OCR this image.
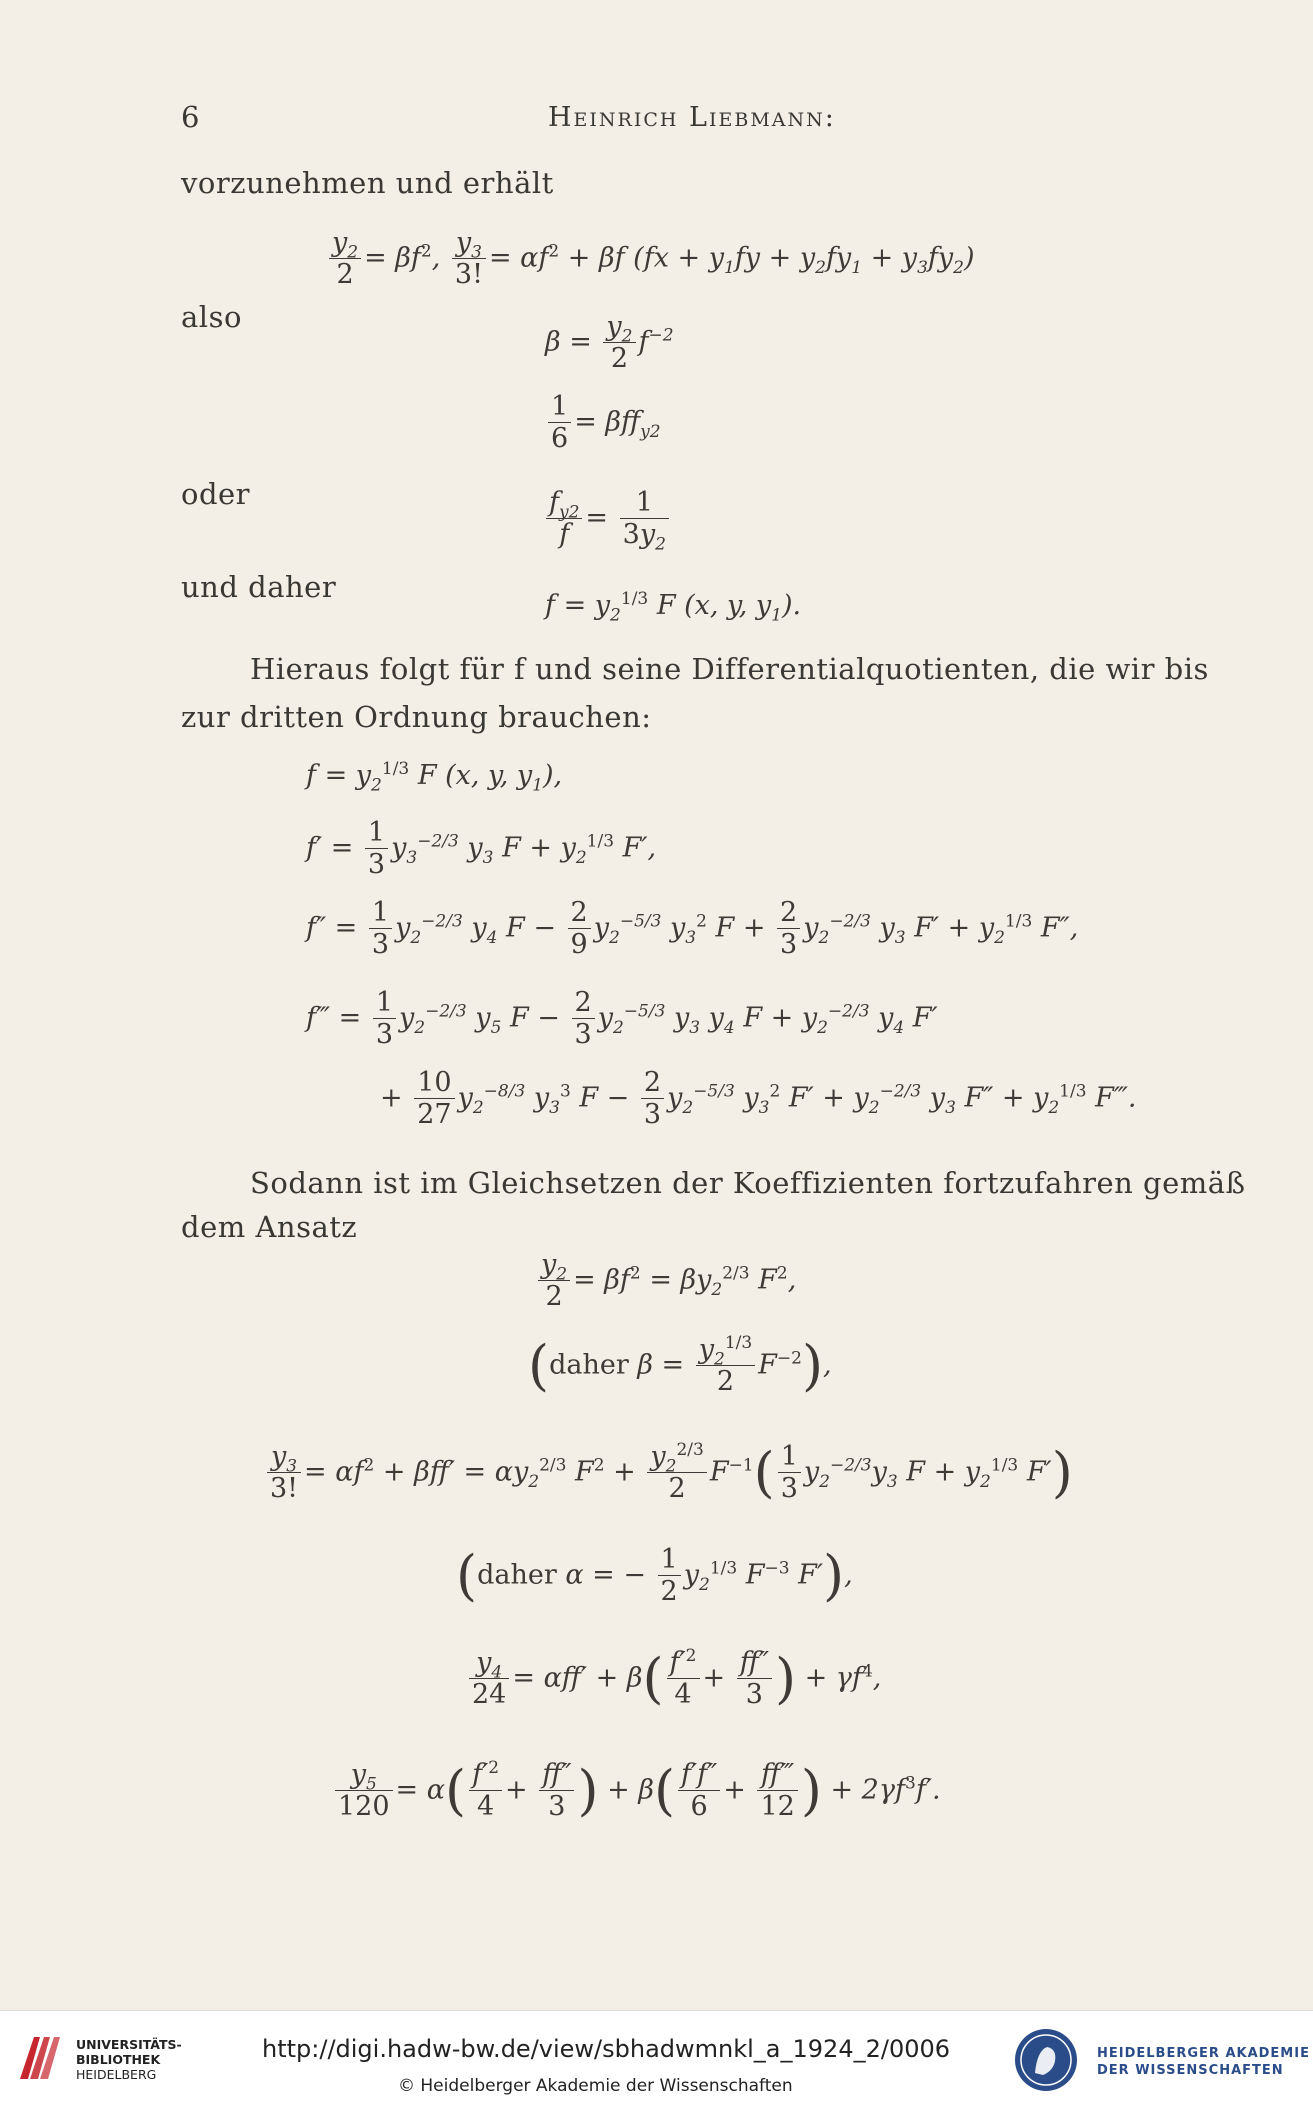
6	Heinrich Liebmann:
vorzunehmen und erhält
$\frac{y_2}{2} = \beta f^2$, $\frac{y_3}{3!} = \alpha f^2 + \beta f$ $(fx + y_1fy + y_2fy_1 + y_3fy_2)$
also
$\beta = \frac{y_2}{2} f^{-2}$
$\frac{1}{6} = \beta ff_{y2}$
oder	$\frac{f_{y2}}{f} = \frac{1}{3y_2}$
und daher
$f = y_2^{1/3}$ F (x, y, $y_1$).
Hieraus folgt für f und seine Differentialquotienten, die wir bis
zur dritten Ordnung brauchen:
$f = y_2^{1/3}$ F (x, y, $y_1$),
$f' = \frac{1}{3} y_3^{-2/3}$ $y_3$ $F + y_2^{1/3}$ F′,
$f'' = \frac{1}{3} y_2^{-2/3}$ $y_4$ $F - \frac{2}{9} y_2^{-5/3}$ $y_3^2$ $F + \frac{2}{3} y_2^{-2/3}$ $y_3$ $F' + y_2^{1/3}$ F″,
f‴ = $\frac{1}{3} y_2^{-2/3}$ $y_5$ $F - \frac{2}{3} y_2^{-5/3}$ $y_3$ $y_4$ $F + y_2^{-2/3}$ $y_4$ F′
+ $\frac{10}{27} y_2^{-8/3}$ $y_3^3$ $F - \frac{2}{3} y_2^{-5/3}$ $y_3^2$ $F' + y_2^{-2/3}$ $y_3$ $F'' + y_2^{1/3}$ F‴.
Sodann ist im Gleichsetzen der Koeffizienten fortzufahren gemäß
dem Ansatz
$\frac{y_2}{2} = \beta f^2 = \beta y_2^{2/3}$ $F^2$,
(daher $\beta = \frac{y_2^{1/3}}{2} F^{-2}$),
$\frac{y_3}{3!} = \alpha f^2 + \beta ff' = \alpha y_2^{2/3}$ $F^2 + \frac{y_2^{2/3}}{2} F^{-1}( \frac{1}{3} y_2^{-2/3}y_3$ $F + y_2^{1/3}$ F′)
(daher α = − $\frac{1}{2} y_2^{1/3}$ $F^{-3}$ F′),
$\frac{y_4}{24} = \alpha ff' + \beta( \frac{f'^2}{4} + \frac{ff''}{3}$ ) + $\gamma f^4$,
$\frac{y_5}{120} = \alpha( \frac{f'^2}{4} + \frac{ff''}{3}$ ) + $\beta( \frac{f'f''}{6} + \frac{ff‴}{12}$ ) + $2\gamma f^3f'$.
UNIVERSITÄTS-
BIBLIOTHEK
HEIDELBERG
http://digi.hadw-bw.de/view/sbhadwmnkl_a_1924_2/0006
© Heidelberger Akademie der Wissenschaften
HEIDELBERGER AKADEMIE
DER WISSENSCHAFTEN
